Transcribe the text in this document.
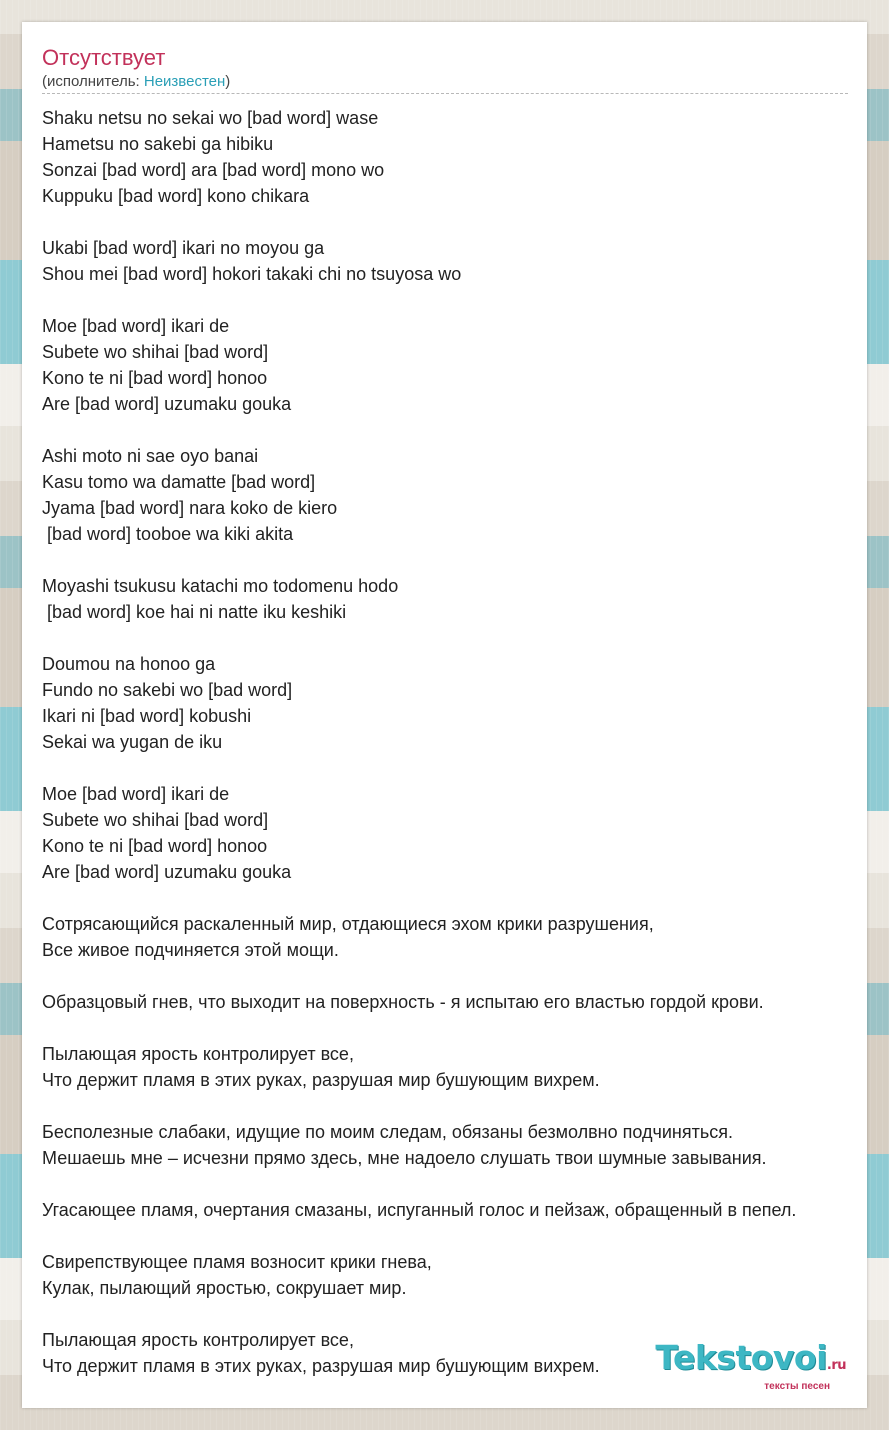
Отсутствует
(исполнитель: Неизвестен)
Shaku netsu no sekai wo [bad word] wase
Hametsu no sakebi ga hibiku
Sonzai [bad word] ara [bad word] mono wo
Kuppuku [bad word] kono chikara

Ukabi [bad word] ikari no moyou ga
Shou mei [bad word] hokori takaki chi no tsuyosa wo

Moe [bad word] ikari de
Subete wo shihai [bad word]
Kono te ni [bad word] honoo
Are [bad word] uzumaku gouka

Ashi moto ni sae oyo banai
Kasu tomo wa damatte [bad word]
Jyama [bad word] nara koko de kiero
[bad word] tooboe wa kiki akita

Moyashi tsukusu katachi mo todomenu hodo
[bad word] koe hai ni natte iku keshiki

Doumou na honoo ga
Fundo no sakebi wo [bad word]
Ikari ni [bad word] kobushi
Sekai wa yugan de iku

Moe [bad word] ikari de
Subete wo shihai [bad word]
Kono te ni [bad word] honoo
Are [bad word] uzumaku gouka

Сотрясающийся раскаленный мир, отдающиеся эхом крики разрушения,
Все живое подчиняется этой мощи.

Образцовый гнев, что выходит на поверхность - я испытаю его властью гордой крови.

Пылающая ярость контролирует все,
Что держит пламя в этих руках, разрушая мир бушующим вихрем.

Бесполезные слабаки, идущие по моим следам, обязаны безмолвно подчиняться.
Мешаешь мне – исчезни прямо здесь, мне надоело слушать твои шумные завывания.

Угасающее пламя, очертания смазаны, испуганный голос и пейзаж, обращенный в пепел.

Свирепствующее пламя возносит крики гнева,
Кулак, пылающий яростью, сокрушает мир.

Пылающая ярость контролирует все,
Что держит пламя в этих руках, разрушая мир бушующим вихрем.	Tekstovoi.ru
тексты песен
